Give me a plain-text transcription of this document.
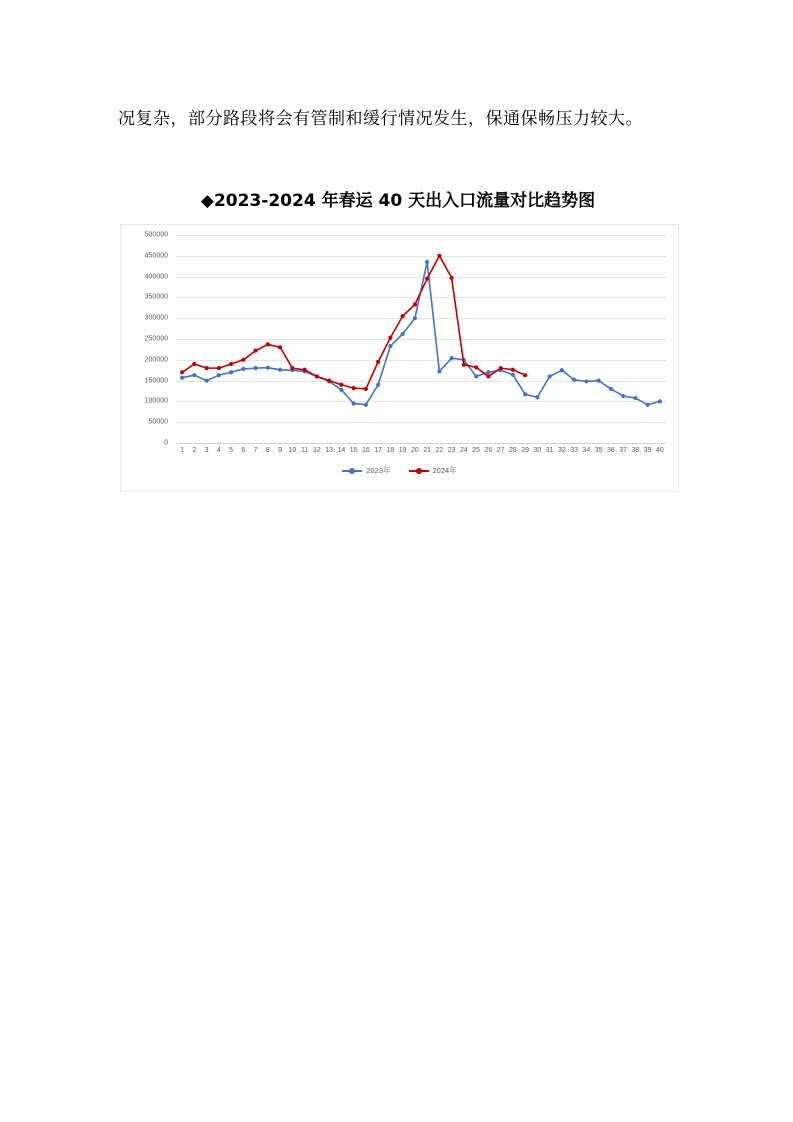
况复杂，部分路段将会有管制和缓行情况发生，保通保畅压力较大。
◆2023-2024 年春运 40 天出入口流量对比趋势图
0
50000
100000
150000
200000
250000
300000
350000
400000
450000
500000
1 2 3 4 5 6 7 8 9 10 11 12 13 14 15 16 17 18 19 20 21 22 23 24 25 26 27 28 29 30 31 32 33 34 35 36 37 38 39 40
2023年	2024年
